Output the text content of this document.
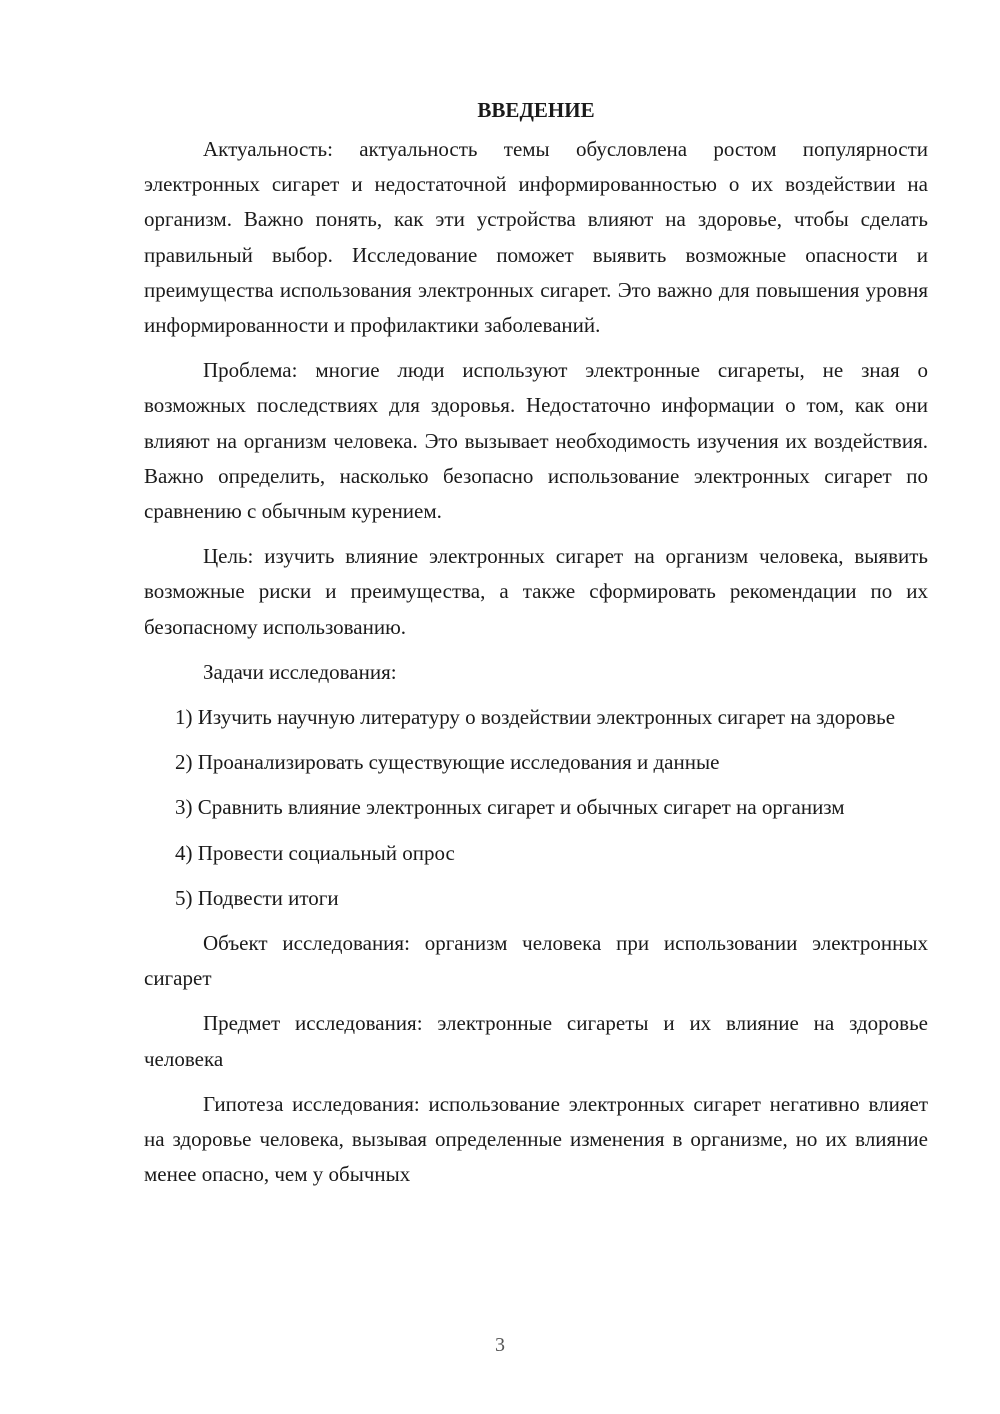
ВВЕДЕНИЕ

Актуальность: актуальность темы обусловлена ростом популярности электронных сигарет и недостаточной информированностью о их воздействии на организм. Важно понять, как эти устройства влияют на здоровье, чтобы сделать правильный выбор. Исследование поможет выявить возможные опасности и преимущества использования электронных сигарет. Это важно для повышения уровня информированности и профилактики заболеваний.

Проблема: многие люди используют электронные сигареты, не зная о возможных последствиях для здоровья. Недостаточно информации о том, как они влияют на организм человека. Это вызывает необходимость изучения их воздействия. Важно определить, насколько безопасно использование электронных сигарет по сравнению с обычным курением.

Цель: изучить влияние электронных сигарет на организм человека, выявить возможные риски и преимущества, а также сформировать рекомендации по их безопасному использованию.

Задачи исследования:

1) Изучить научную литературу о воздействии электронных сигарет на здоровье

2) Проанализировать существующие исследования и данные

3) Сравнить влияние электронных сигарет и обычных сигарет на организм

4) Провести социальный опрос

5) Подвести итоги

Объект исследования: организм человека при использовании электронных сигарет

Предмет исследования: электронные сигареты и их влияние на здоровье человека

Гипотеза исследования: использование электронных сигарет негативно влияет на здоровье человека, вызывая определенные изменения в организме, но их влияние менее опасно, чем у обычных

3
